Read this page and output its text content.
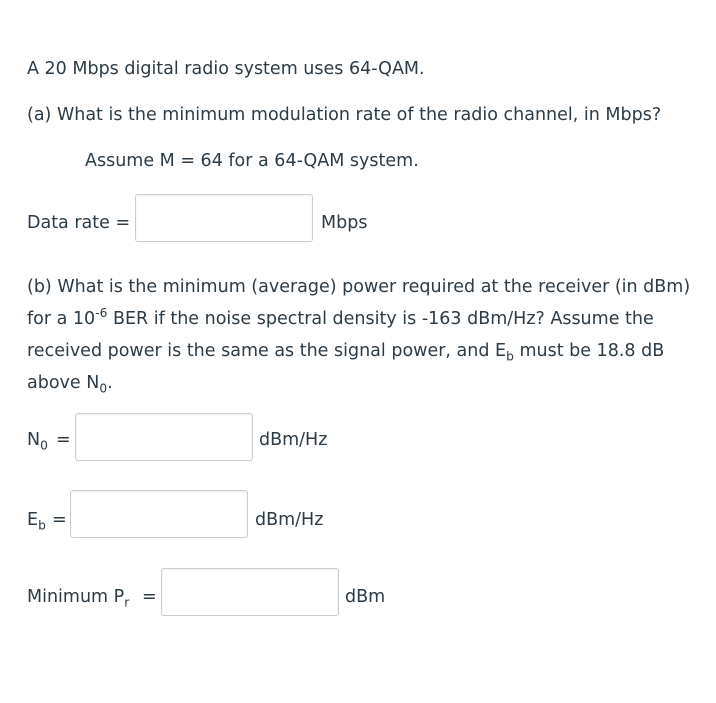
A 20 Mbps digital radio system uses 64-QAM.
(a) What is the minimum modulation rate of the radio channel, in Mbps?
Assume M = 64 for a 64-QAM system.
Data rate =	Mbps
(b) What is the minimum (average) power required at the receiver (in dBm) for a $10^{-6}$ BER if the noise spectral density is -163 dBm/Hz? Assume the received power is the same as the signal power, and $E_b$ must be 18.8 dB above $N_0$.
$N_0$ =	dBm/Hz
$E_b$ =	dBm/Hz
Minimum $P_r$ =	dBm
